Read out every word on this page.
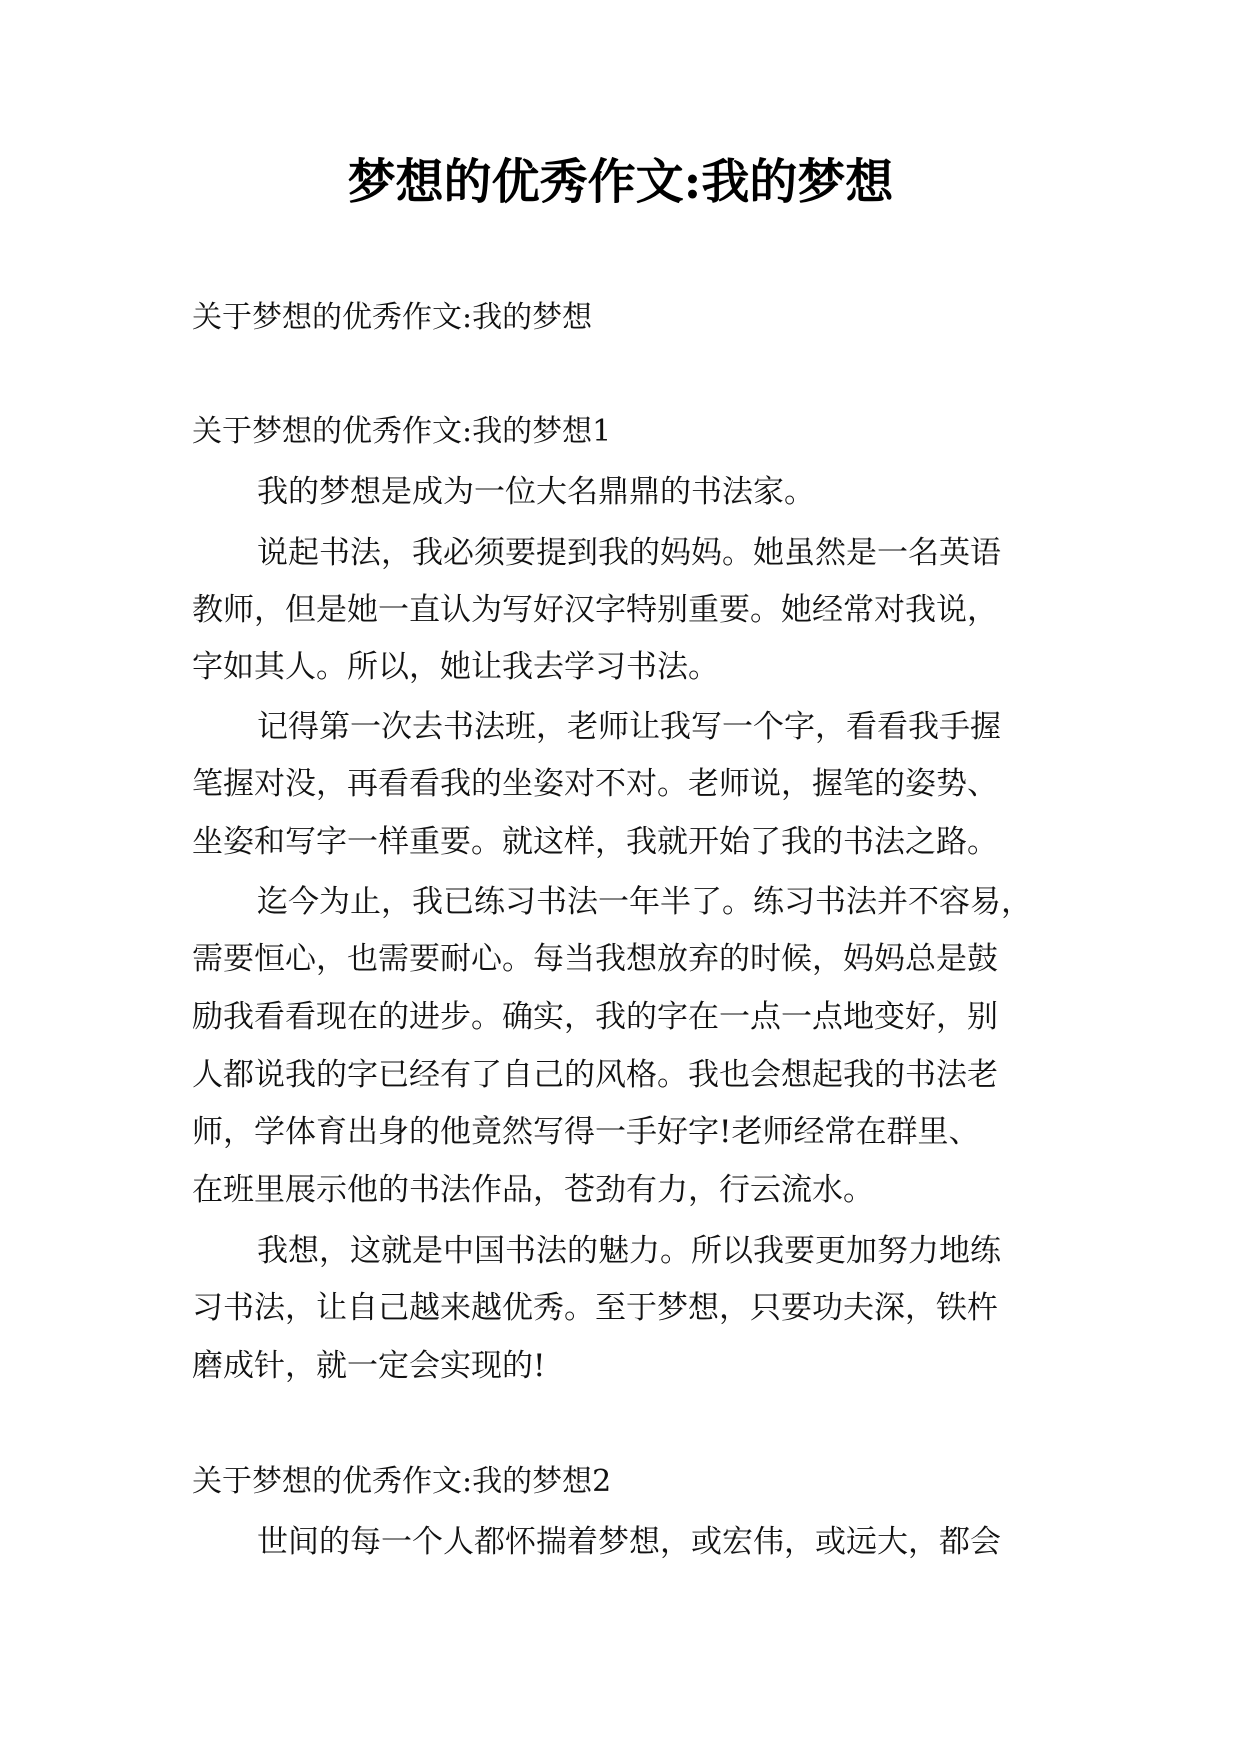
梦想的优秀作文:我的梦想

关于梦想的优秀作文:我的梦想

关于梦想的优秀作文:我的梦想1

我的梦想是成为一位大名鼎鼎的书法家。

说起书法，我必须要提到我的妈妈。她虽然是一名英语

教师，但是她一直认为写好汉字特别重要。她经常对我说，

字如其人。所以，她让我去学习书法。

记得第一次去书法班，老师让我写一个字，看看我手握

笔握对没，再看看我的坐姿对不对。老师说，握笔的姿势、

坐姿和写字一样重要。就这样，我就开始了我的书法之路。

迄今为止，我已练习书法一年半了。练习书法并不容易，

需要恒心，也需要耐心。每当我想放弃的时候，妈妈总是鼓

励我看看现在的进步。确实，我的字在一点一点地变好，别

人都说我的字已经有了自己的风格。我也会想起我的书法老

师，学体育出身的他竟然写得一手好字!老师经常在群里、

在班里展示他的书法作品，苍劲有力，行云流水。

我想，这就是中国书法的魅力。所以我要更加努力地练

习书法，让自己越来越优秀。至于梦想，只要功夫深，铁杵

磨成针，就一定会实现的!

关于梦想的优秀作文:我的梦想2

世间的每一个人都怀揣着梦想，或宏伟，或远大，都会
